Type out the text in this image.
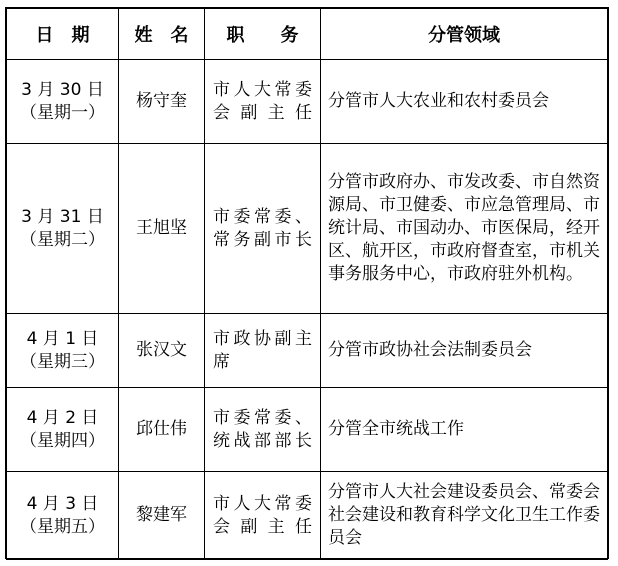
日　期	姓　名	职　　务	分管领域

3 月 30 日
（星期一）	杨守奎	市人大常委会副主任	分管市人大农业和农村委员会

3 月 31 日
（星期二）	王旭坚	市委常委、常务副市长	分管市政府办、市发改委、市自然资源局、市卫健委、市应急管理局、市统计局、市国动办、市医保局，经开区、航开区，市政府督查室，市机关事务服务中心，市政府驻外机构。

4 月 1 日
（星期三）	张汉文	市政协副主席	分管市政协社会法制委员会

4 月 2 日
（星期四）	邱仕伟	市委常委、统战部部长	分管全市统战工作

4 月 3 日
（星期五）	黎建军	市人大常委会副主任	分管市人大社会建设委员会、常委会社会建设和教育科学文化卫生工作委员会
